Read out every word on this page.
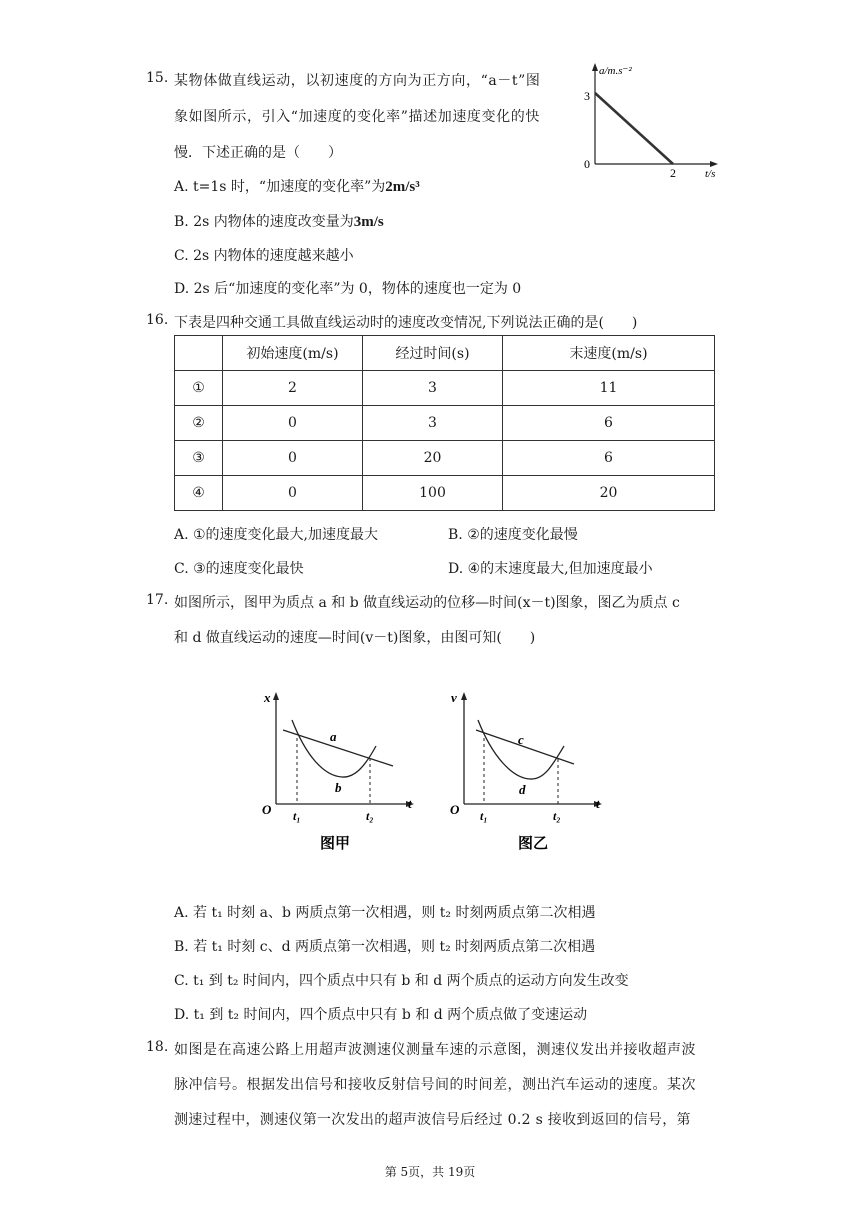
15. 某物体做直线运动，以初速度的方向为正方向，“a－t”图
象如图所示，引入“加速度的变化率”描述加速度变化的快
慢．下述正确的是（　　）
a/m.s⁻²
3
0
2	t/s
A. t=1s 时，“加速度的变化率”为2m/s³
B. 2s 内物体的速度改变量为3m/s
C. 2s 内物体的速度越来越小
D. 2s 后“加速度的变化率”为 0，物体的速度也一定为 0
16. 下表是四种交通工具做直线运动时的速度改变情况,下列说法正确的是(　　)
	初始速度(m/s)	经过时间(s)	末速度(m/s)
①	2	3	11
②	0	3	6
③	0	20	6
④	0	100	20
A. ①的速度变化最大,加速度最大	B. ②的速度变化最慢
C. ③的速度变化最快	D. ④的末速度最大,但加速度最小
17. 如图所示，图甲为质点 a 和 b 做直线运动的位移—时间(x－t)图象，图乙为质点 c
和 d 做直线运动的速度—时间(v－t)图象，由图可知(　　)
x
t
O
a
b
t₁	t₂
图甲
v
t
O
c
d
t₁	t₂
图乙
A. 若 t₁ 时刻 a、b 两质点第一次相遇，则 t₂ 时刻两质点第二次相遇
B. 若 t₁ 时刻 c、d 两质点第一次相遇，则 t₂ 时刻两质点第二次相遇
C. t₁ 到 t₂ 时间内，四个质点中只有 b 和 d 两个质点的运动方向发生改变
D. t₁ 到 t₂ 时间内，四个质点中只有 b 和 d 两个质点做了变速运动
18. 如图是在高速公路上用超声波测速仪测量车速的示意图，测速仪发出并接收超声波
脉冲信号。根据发出信号和接收反射信号间的时间差，测出汽车运动的速度。某次
测速过程中，测速仪第一次发出的超声波信号后经过 0.2 s 接收到返回的信号，第
第 5页，共 19页
